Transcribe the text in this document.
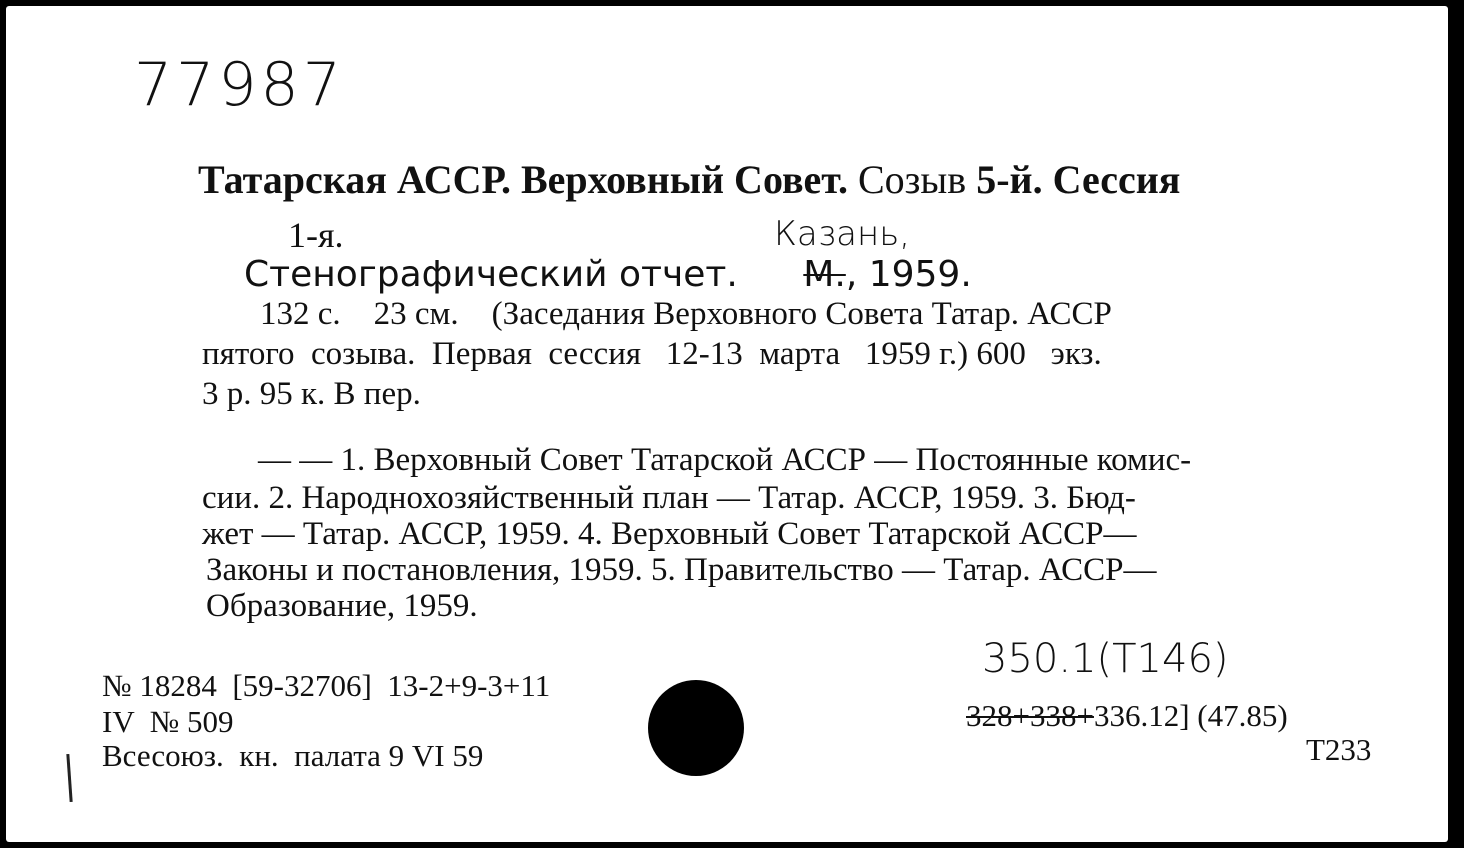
77987
Татарская АССР. Верховный Совет. Созыв 5-й. Сессия
1-я.	Казань,
Стенографический отчет. М., 1959.
132 с.    23 см.    (Заседания Верховного Совета Татар. АССР
пятого  созыва.  Первая  сессия   12-13  марта   1959 г.) 600   экз.
3 р. 95 к. В пер.
— — 1. Верховный Совет Татарской АССР — Постоянные комис-
сии. 2. Народнохозяйственный план — Татар. АССР, 1959. 3. Бюд-
жет — Татар. АССР, 1959. 4. Верховный Совет Татарской АССР—
Законы и постановления, 1959. 5. Правительство — Татар. АССР—
Образование, 1959.
№ 18284  [59-32706]  13-2+9-3+11
IV  № 509
Всесоюз.  кн.  палата 9 VI 59
350.1(Т146)
328+338+336.12] (47.85)
Т233
